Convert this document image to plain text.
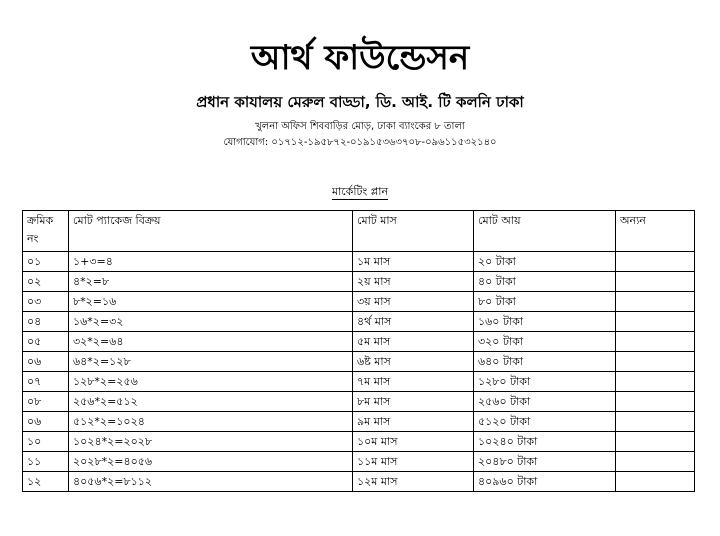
আর্থ ফাউন্ডেসন
প্রধান কাযালয় মেরুল বাড্ডা, ডি. আই. টি কলনি ঢাকা
খুলনা অফিস শিববাড়ির মোড়, ঢাকা ব্যাংকের ৮ তালা
যোগাযোগ: ০১৭১২-১৯৫৮৭২-০১৯১৫৩৬৩৭০৮-০৯৬১১৫৩২১৪০
মার্কেটিং প্লান
ক্রমিক নং	মোট প্যাকেজ বিক্রয়	মোট মাস	মোট আয়	অন্যন
০১	১+৩=৪	১ম মাস	২০ টাকা	
০২	৪*২=৮	২য় মাস	৪০ টাকা	
০৩	৮*২=১৬	৩য় মাস	৮০ টাকা	
০৪	১৬*২=৩২	৪র্থ মাস	১৬০ টাকা	
০৫	৩২*২=৬৪	৫ম মাস	৩২০ টাকা	
০৬	৬৪*২=১২৮	৬ষ্ট মাস	৬৪০ টাকা	
০৭	১২৮*২=২৫৬	৭ম মাস	১২৮০ টাকা	
০৮	২৫৬*২=৫১২	৮ম মাস	২৫৬০ টাকা	
০৬	৫১২*২=১০২৪	৯ম মাস	৫১২০ টাকা	
১০	১০২৪*২=২০২৮	১০ম মাস	১০২৪০ টাকা	
১১	২০২৮*২=৪০৫৬	১১ম মাস	২০৪৮০ টাকা	
১২	৪০৫৬*২=৮১১২	১২ম মাস	৪০৯৬০ টাকা	
